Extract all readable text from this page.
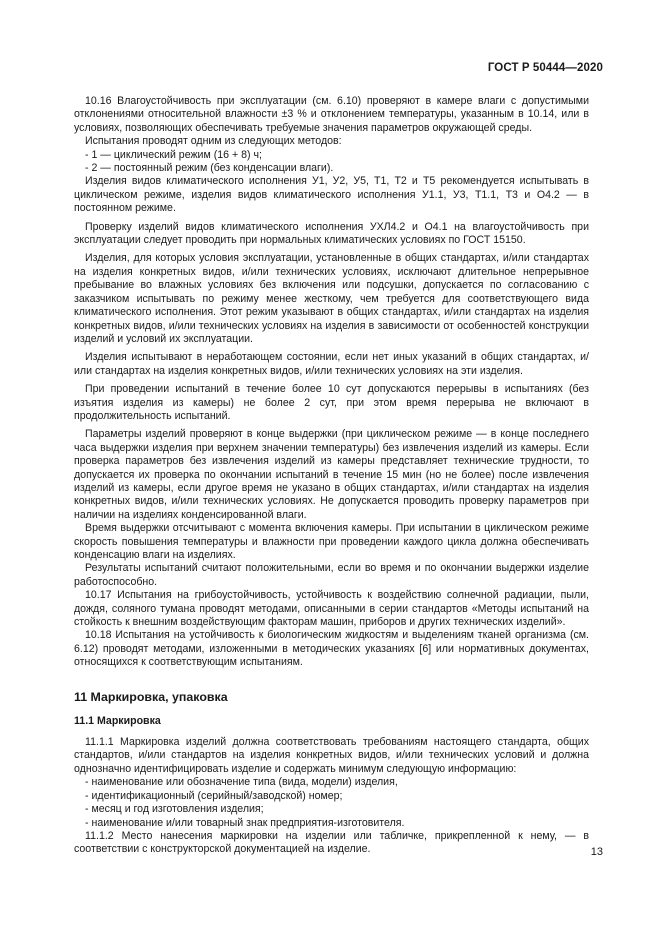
ГОСТ Р 50444—2020

10.16 Влагоустойчивость при эксплуатации (см. 6.10) проверяют в камере влаги с допустимыми отклонениями относительной влажности ±3 % и отклонением температуры, указанным в 10.14, или в условиях, позволяющих обеспечивать требуемые значения параметров окружающей среды.

Испытания проводят одним из следующих методов:

- 1 — циклический режим (16 + 8) ч;

- 2 — постоянный режим (без конденсации влаги).

Изделия видов климатического исполнения У1, У2, У5, Т1, Т2 и Т5 рекомендуется испытывать в циклическом режиме, изделия видов климатического исполнения У1.1, У3, Т1.1, Т3 и О4.2 — в постоянном режиме.

Проверку изделий видов климатического исполнения УХЛ4.2 и О4.1 на влагоустойчивость при эксплуатации следует проводить при нормальных климатических условиях по ГОСТ 15150.

Изделия, для которых условия эксплуатации, установленные в общих стандартах, и/или стандартах на изделия конкретных видов, и/или технических условиях, исключают длительное непрерывное пребывание во влажных условиях без включения или подсушки, допускается по согласованию с заказчиком испытывать по режиму менее жесткому, чем требуется для соответствующего вида климатического исполнения. Этот режим указывают в общих стандартах, и/или стандартах на изделия конкретных видов, и/или технических условиях на изделия в зависимости от особенностей конструкции изделий и условий их эксплуатации.

Изделия испытывают в неработающем состоянии, если нет иных указаний в общих стандартах, и/или стандартах на изделия конкретных видов, и/или технических условиях на эти изделия.

При проведении испытаний в течение более 10 сут допускаются перерывы в испытаниях (без изъятия изделия из камеры) не более 2 сут, при этом время перерыва не включают в продолжительность испытаний.

Параметры изделий проверяют в конце выдержки (при циклическом режиме — в конце последнего часа выдержки изделия при верхнем значении температуры) без извлечения изделий из камеры. Если проверка параметров без извлечения изделий из камеры представляет технические трудности, то допускается их проверка по окончании испытаний в течение 15 мин (но не более) после извлечения изделий из камеры, если другое время не указано в общих стандартах, и/или стандартах на изделия конкретных видов, и/или технических условиях. Не допускается проводить проверку параметров при наличии на изделиях конденсированной влаги.

Время выдержки отсчитывают с момента включения камеры. При испытании в циклическом режиме скорость повышения температуры и влажности при проведении каждого цикла должна обеспечивать конденсацию влаги на изделиях.

Результаты испытаний считают положительными, если во время и по окончании выдержки изделие работоспособно.

10.17 Испытания на грибоустойчивость, устойчивость к воздействию солнечной радиации, пыли, дождя, соляного тумана проводят методами, описанными в серии стандартов «Методы испытаний на стойкость к внешним воздействующим факторам машин, приборов и других технических изделий».

10.18 Испытания на устойчивость к биологическим жидкостям и выделениям тканей организма (см. 6.12) проводят методами, изложенными в методических указаниях [6] или нормативных документах, относящихся к соответствующим испытаниям.

11 Маркировка, упаковка

11.1 Маркировка

11.1.1 Маркировка изделий должна соответствовать требованиям настоящего стандарта, общих стандартов, и/или стандартов на изделия конкретных видов, и/или технических условий и должна однозначно идентифицировать изделие и содержать минимум следующую информацию:

- наименование или обозначение типа (вида, модели) изделия,

- идентификационный (серийный/заводской) номер;

- месяц и год изготовления изделия;

- наименование и/или товарный знак предприятия-изготовителя.

11.1.2 Место нанесения маркировки на изделии или табличке, прикрепленной к нему, — в соответствии с конструкторской документацией на изделие.	13
